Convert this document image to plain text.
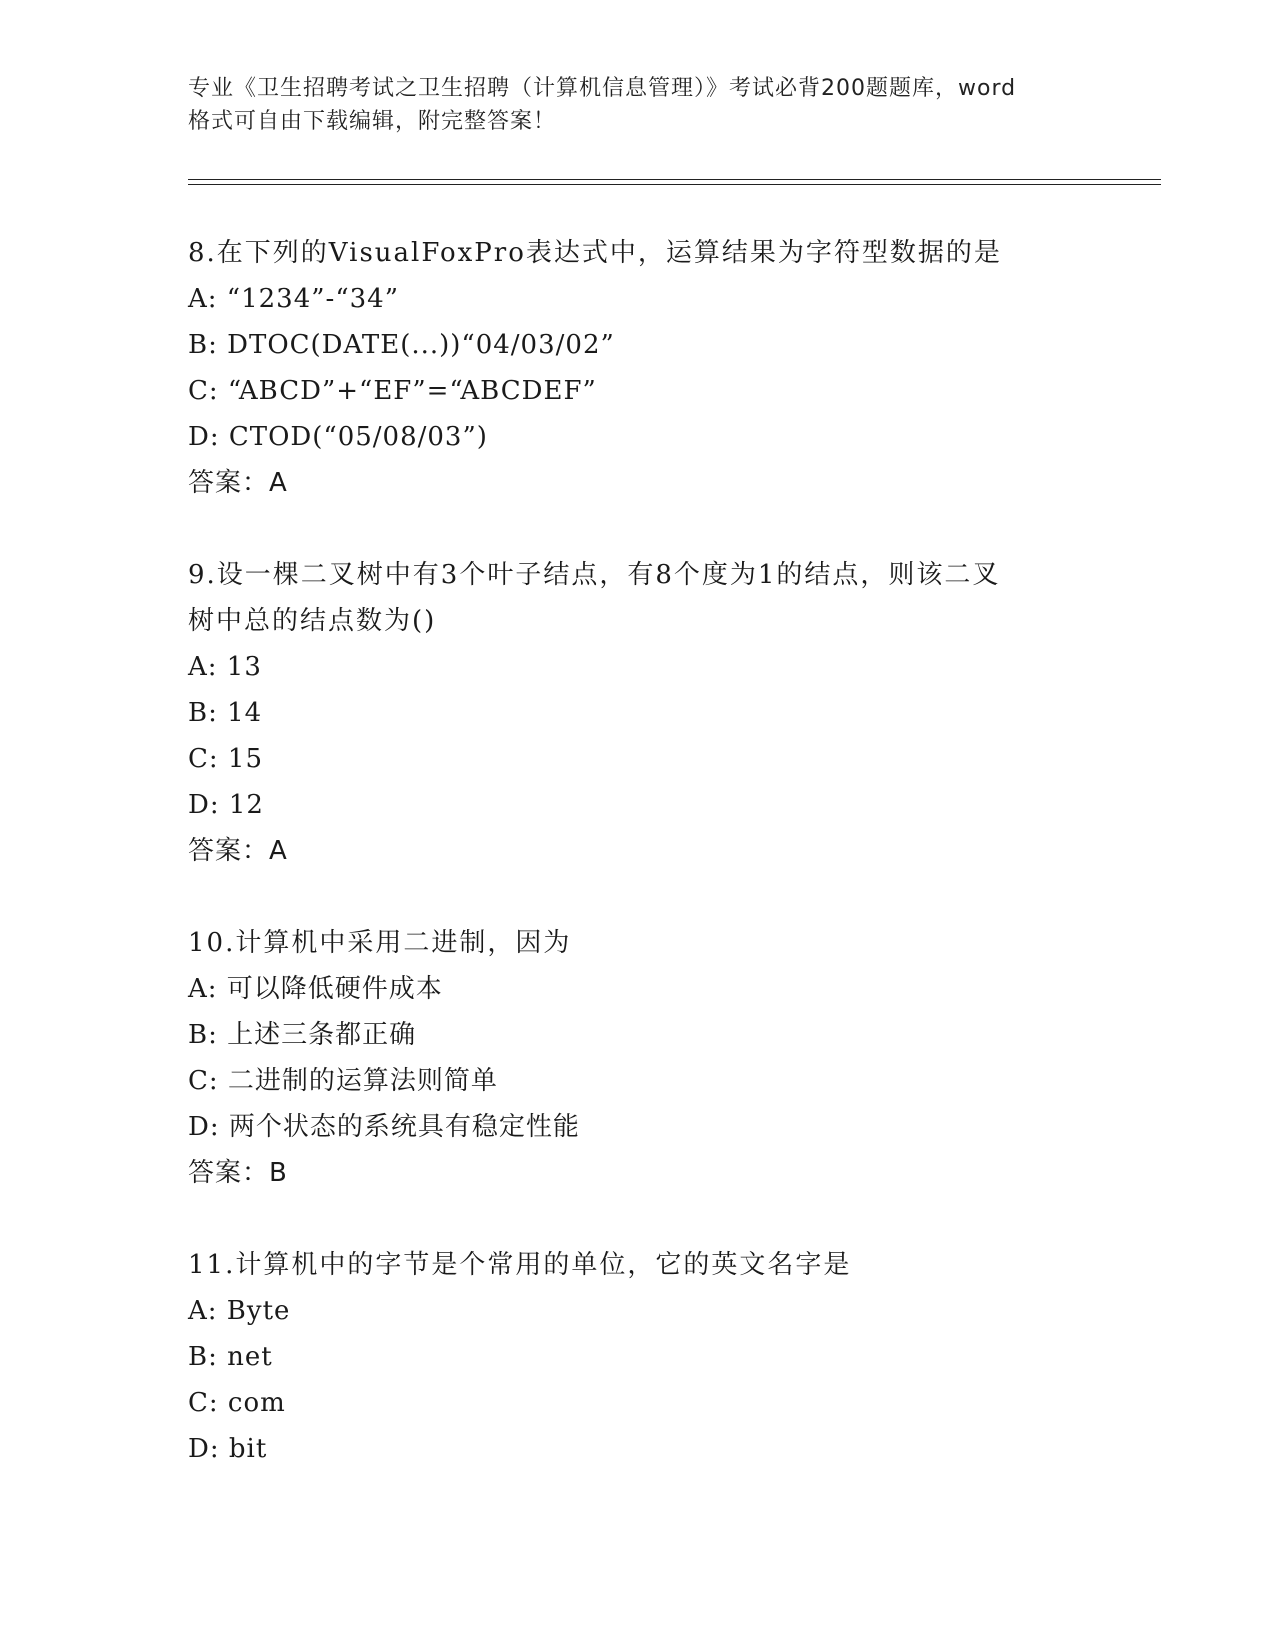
专业《卫生招聘考试之卫生招聘（计算机信息管理）》考试必背200题题库，word
格式可自由下载编辑，附完整答案！
8.在下列的VisualFoxPro表达式中，运算结果为字符型数据的是
A: “1234”-“34”
B: DTOC(DATE(...))“04/03/02”
C: “ABCD”+“EF”=“ABCDEF”
D: CTOD(“05/08/03”)
答案：A
9.设一棵二叉树中有3个叶子结点，有8个度为1的结点，则该二叉
树中总的结点数为()
A: 13
B: 14
C: 15
D: 12
答案：A
10.计算机中采用二进制，因为
A: 可以降低硬件成本
B: 上述三条都正确
C: 二进制的运算法则简单
D: 两个状态的系统具有稳定性能
答案：B
11.计算机中的字节是个常用的单位，它的英文名字是
A: Byte
B: net
C: com
D: bit
